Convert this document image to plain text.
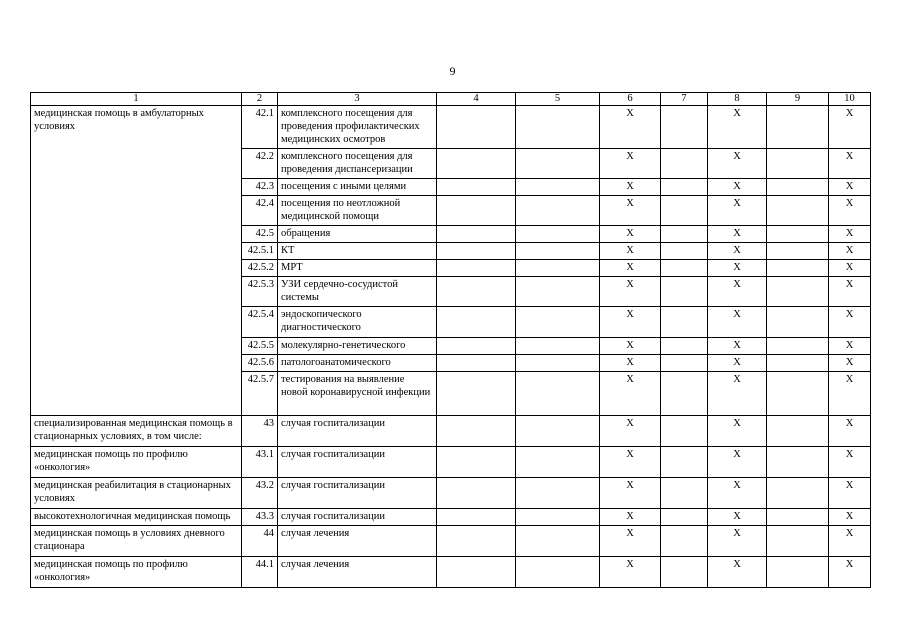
9
1	2	3	4	5	6	7	8	9	10
медицинская помощь в амбулаторных условиях	42.1	комплексного посещения для проведения профилактических медицинских осмотров			X		X		X
	42.2	комплексного посещения для проведения диспансеризации			X		X		X
	42.3	посещения с иными целями			X		X		X
	42.4	посещения по неотложной медицинской помощи			X		X		X
	42.5	обращения			X		X		X
	42.5.1	КТ			X		X		X
	42.5.2	МРТ			X		X		X
	42.5.3	УЗИ сердечно-сосудистой системы			X		X		X
	42.5.4	эндоскопического диагностического			X		X		X
	42.5.5	молекулярно-генетического			X		X		X
	42.5.6	патологоанатомического			X		X		X
	42.5.7	тестирования на выявление новой коронавирусной инфекции			X		X		X
специализированная медицинская помощь в стационарных условиях, в том числе:	43	случая госпитализации			X		X		X
медицинская помощь по профилю «онкология»	43.1	случая госпитализации			X		X		X
медицинская реабилитация в стационарных условиях	43.2	случая госпитализации			X		X		X
высокотехнологичная медицинская помощь	43.3	случая госпитализации			X		X		X
медицинская помощь в условиях дневного стационара	44	случая лечения			X		X		X
медицинская помощь по профилю «онкология»	44.1	случая лечения			X		X		X
